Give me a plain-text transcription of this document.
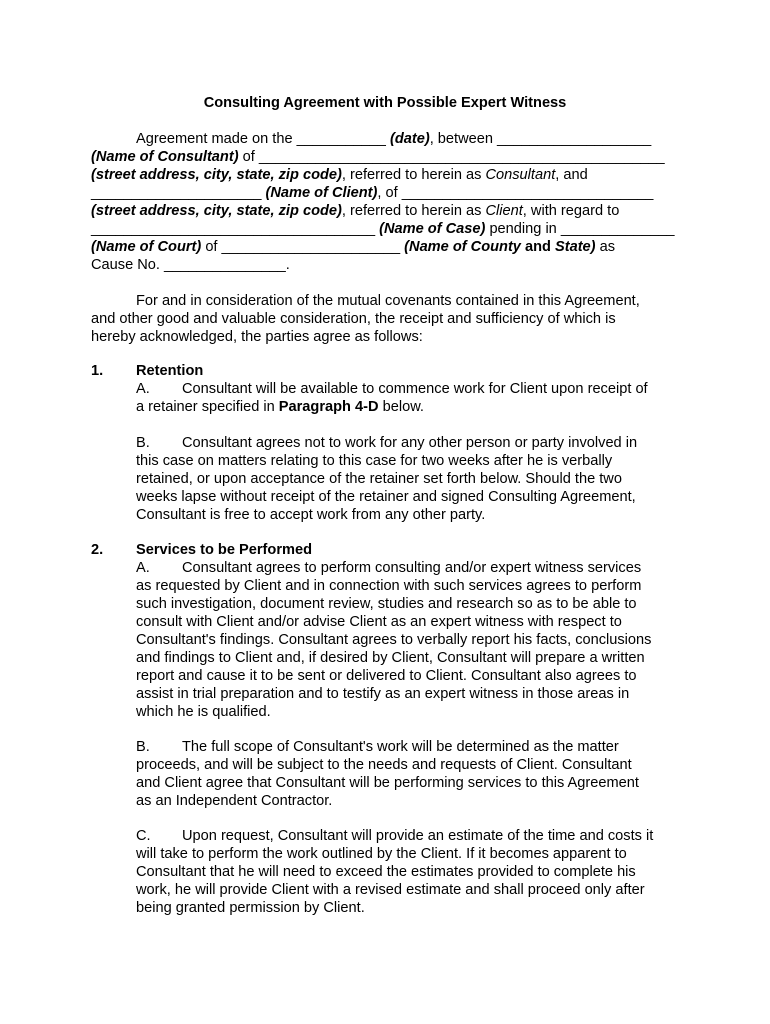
Consulting Agreement with Possible Expert Witness
Agreement made on the ___________ (date), between ___________________
(Name of Consultant) of __________________________________________________
(street address, city, state, zip code), referred to herein as Consultant, and
_____________________ (Name of Client), of _______________________________
(street address, city, state, zip code), referred to herein as Client, with regard to
___________________________________ (Name of Case) pending in ______________
(Name of Court) of ______________________ (Name of County and State) as
Cause No. _______________.
For and in consideration of the mutual covenants contained in this Agreement,
and other good and valuable consideration, the receipt and sufficiency of which is
hereby acknowledged, the parties agree as follows:
1. Retention
A. Consultant will be available to commence work for Client upon receipt of
a retainer specified in Paragraph 4-D below.
B. Consultant agrees not to work for any other person or party involved in
this case on matters relating to this case for two weeks after he is verbally
retained, or upon acceptance of the retainer set forth below. Should the two
weeks lapse without receipt of the retainer and signed Consulting Agreement,
Consultant is free to accept work from any other party.
2. Services to be Performed
A. Consultant agrees to perform consulting and/or expert witness services
as requested by Client and in connection with such services agrees to perform
such investigation, document review, studies and research so as to be able to
consult with Client and/or advise Client as an expert witness with respect to
Consultant's findings. Consultant agrees to verbally report his facts, conclusions
and findings to Client and, if desired by Client, Consultant will prepare a written
report and cause it to be sent or delivered to Client. Consultant also agrees to
assist in trial preparation and to testify as an expert witness in those areas in
which he is qualified.
B. The full scope of Consultant's work will be determined as the matter
proceeds, and will be subject to the needs and requests of Client. Consultant
and Client agree that Consultant will be performing services to this Agreement
as an Independent Contractor.
C. Upon request, Consultant will provide an estimate of the time and costs it
will take to perform the work outlined by the Client. If it becomes apparent to
Consultant that he will need to exceed the estimates provided to complete his
work, he will provide Client with a revised estimate and shall proceed only after
being granted permission by Client.
